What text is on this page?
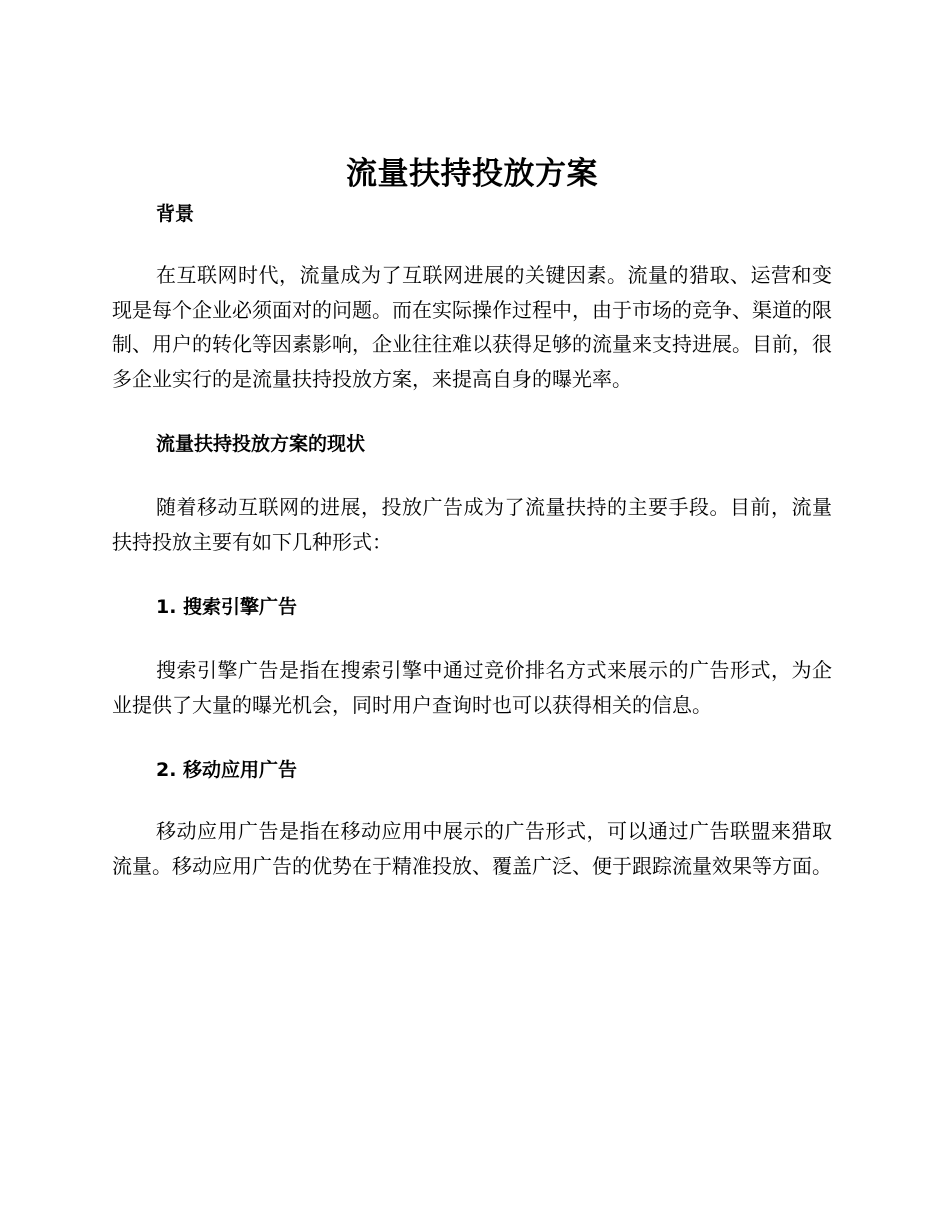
流量扶持投放方案
背景

在互联网时代，流量成为了互联网进展的关键因素。流量的猎取、运营和变现是每个企业必须面对的问题。而在实际操作过程中，由于市场的竞争、渠道的限制、用户的转化等因素影响，企业往往难以获得足够的流量来支持进展。目前，很多企业实行的是流量扶持投放方案，来提高自身的曝光率。

流量扶持投放方案的现状

随着移动互联网的进展，投放广告成为了流量扶持的主要手段。目前，流量扶持投放主要有如下几种形式：

1. 搜索引擎广告

搜索引擎广告是指在搜索引擎中通过竞价排名方式来展示的广告形式，为企业提供了大量的曝光机会，同时用户查询时也可以获得相关的信息。

2. 移动应用广告

移动应用广告是指在移动应用中展示的广告形式，可以通过广告联盟来猎取流量。移动应用广告的优势在于精准投放、覆盖广泛、便于跟踪流量效果等方面。
